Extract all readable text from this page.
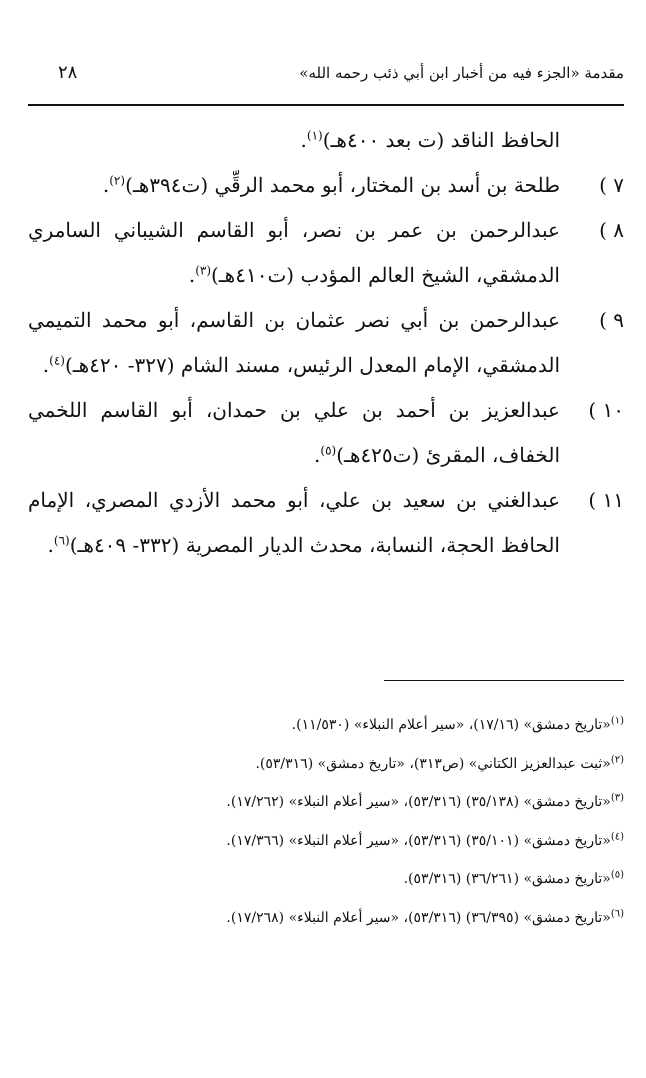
مقدمة «الجزء فيه من أخبار ابن أبي ذئب رحمه الله»
٢٨

الحافظ الناقد (ت بعد ٤٠٠هـ)$^{(١)}$.

٧ )
طلحة بن أسد بن المختار، أبو محمد الرقِّي (ت٣٩٤هـ)$^{(٢)}$.

٨ )
عبدالرحمن بن عمر بن نصر، أبو القاسم الشيباني السامري الدمشقي، الشيخ العالم المؤدب (ت٤١٠هـ)$^{(٣)}$.

٩ )
عبدالرحمن بن أبي نصر عثمان بن القاسم، أبو محمد التميمي الدمشقي، الإمام المعدل الرئيس، مسند الشام (٣٢٧- ٤٢٠هـ)$^{(٤)}$.

١٠ )
عبدالعزيز بن أحمد بن علي بن حمدان، أبو القاسم اللخمي الخفاف، المقرئ (ت٤٢٥هـ)$^{(٥)}$.

١١ )
عبدالغني بن سعيد بن علي، أبو محمد الأزدي المصري، الإمام الحافظ الحجة، النسابة، محدث الديار المصرية (٣٣٢- ٤٠٩هـ)$^{(٦)}$.

$^{(١)}$«تاريخ دمشق» (١٧/١٦)، «سير أعلام النبلاء» (١١/٥٣٠).

$^{(٢)}$«ثبت عبدالعزيز الكتاني» (ص٣١٣)، «تاريخ دمشق» (٥٣/٣١٦).

$^{(٣)}$«تاريخ دمشق» (٣٥/١٣٨) (٥٣/٣١٦)، «سير أعلام النبلاء» (١٧/٢٦٢).

$^{(٤)}$«تاريخ دمشق» (٣٥/١٠١) (٥٣/٣١٦)، «سير أعلام النبلاء» (١٧/٣٦٦).

$^{(٥)}$«تاريخ دمشق» (٣٦/٢٦١) (٥٣/٣١٦).

$^{(٦)}$«تاريخ دمشق» (٣٦/٣٩٥) (٥٣/٣١٦)، «سير أعلام النبلاء» (١٧/٢٦٨).
